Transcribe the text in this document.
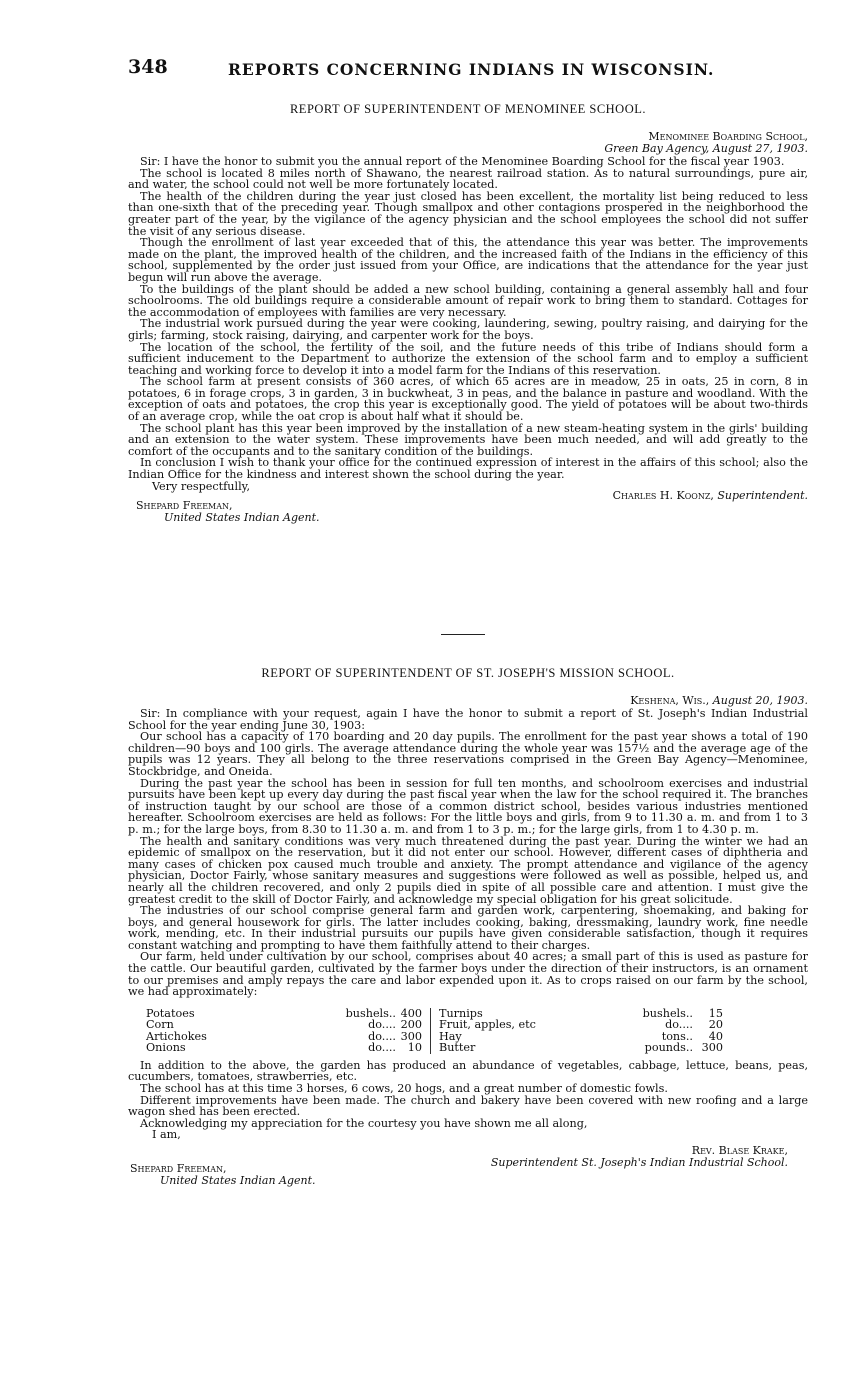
348	REPORTS CONCERNING INDIANS IN WISCONSIN.
REPORT OF SUPERINTENDENT OF MENOMINEE SCHOOL.
Menominee Boarding School,
Green Bay Agency, August 27, 1903.

Sir: I have the honor to submit you the annual report of the Menominee Boarding School for the fiscal year 1903.

The school is located 8 miles north of Shawano, the nearest railroad station. As to natural surroundings, pure air, and water, the school could not well be more fortunately located.

The health of the children during the year just closed has been excellent, the mortality list being reduced to less than one-sixth that of the preceding year. Though smallpox and other contagions prospered in the neighborhood the greater part of the year, by the vigilance of the agency physician and the school employees the school did not suffer the visit of any serious disease.

Though the enrollment of last year exceeded that of this, the attendance this year was better. The improvements made on the plant, the improved health of the children, and the increased faith of the Indians in the efficiency of this school, supplemented by the order just issued from your Office, are indications that the attendance for the year just begun will run above the average.

To the buildings of the plant should be added a new school building, containing a general assembly hall and four schoolrooms. The old buildings require a considerable amount of repair work to bring them to standard. Cottages for the accommodation of employees with families are very necessary.

The industrial work pursued during the year were cooking, laundering, sewing, poultry raising, and dairying for the girls; farming, stock raising, dairying, and carpenter work for the boys.

The location of the school, the fertility of the soil, and the future needs of this tribe of Indians should form a sufficient inducement to the Department to authorize the extension of the school farm and to employ a sufficient teaching and working force to develop it into a model farm for the Indians of this reservation.

The school farm at present consists of 360 acres, of which 65 acres are in meadow, 25 in oats, 25 in corn, 8 in potatoes, 6 in forage crops, 3 in garden, 3 in buckwheat, 3 in peas, and the balance in pasture and woodland. With the exception of oats and potatoes, the crop this year is exceptionally good. The yield of potatoes will be about two-thirds of an average crop, while the oat crop is about half what it should be.

The school plant has this year been improved by the installation of a new steam-heating system in the girls' building and an extension to the water system. These improvements have been much needed, and will add greatly to the comfort of the occupants and to the sanitary condition of the buildings.

In conclusion I wish to thank your office for the continued expression of interest in the affairs of this school; also the Indian Office for the kindness and interest shown the school during the year.

Very respectfully,

Charles H. Koonz, Superintendent.
Shepard Freeman,
United States Indian Agent.
REPORT OF SUPERINTENDENT OF ST. JOSEPH'S MISSION SCHOOL.
Keshena, Wis., August 20, 1903.

Sir: In compliance with your request, again I have the honor to submit a report of St. Joseph's Indian Industrial School for the year ending June 30, 1903:

Our school has a capacity of 170 boarding and 20 day pupils. The enrollment for the past year shows a total of 190 children—90 boys and 100 girls. The average attendance during the whole year was 157½ and the average age of the pupils was 12 years. They all belong to the three reservations comprised in the Green Bay Agency—Menominee, Stockbridge, and Oneida.

During the past year the school has been in session for full ten months, and schoolroom exercises and industrial pursuits have been kept up every day during the past fiscal year when the law for the school required it. The branches of instruction taught by our school are those of a common district school, besides various industries mentioned hereafter. Schoolroom exercises are held as follows: For the little boys and girls, from 9 to 11.30 a. m. and from 1 to 3 p. m.; for the large boys, from 8.30 to 11.30 a. m. and from 1 to 3 p. m.; for the large girls, from 1 to 4.30 p. m.

The health and sanitary conditions was very much threatened during the past year. During the winter we had an epidemic of smallpox on the reservation, but it did not enter our school. However, different cases of diphtheria and many cases of chicken pox caused much trouble and anxiety. The prompt attendance and vigilance of the agency physician, Doctor Fairly, whose sanitary measures and suggestions were followed as well as possible, helped us, and nearly all the children recovered, and only 2 pupils died in spite of all possible care and attention. I must give the greatest credit to the skill of Doctor Fairly, and acknowledge my special obligation for his great solicitude.

The industries of our school comprise general farm and garden work, carpentering, shoemaking, and baking for boys, and general housework for girls. The latter includes cooking, baking, dressmaking, laundry work, fine needle work, mending, etc. In their industrial pursuits our pupils have given considerable satisfaction, though it requires constant watching and prompting to have them faithfully attend to their charges.

Our farm, held under cultivation by our school, comprises about 40 acres; a small part of this is used as pasture for the cattle. Our beautiful garden, cultivated by the farmer boys under the direction of their instructors, is an ornament to our premises and amply repays the care and labor expended upon it. As to crops raised on our farm by the school, we had approximately:

Potatoes	bushels..	400	Turnips	bushels..	15
Corn	do....	200	Fruit, apples, etc	do....	20
Artichokes	do....	300	Hay	tons..	40
Onions	do....	10	Butter	pounds..	300

In addition to the above, the garden has produced an abundance of vegetables, cabbage, lettuce, beans, peas, cucumbers, tomatoes, strawberries, etc.

The school has at this time 3 horses, 6 cows, 20 hogs, and a great number of domestic fowls.

Different improvements have been made. The church and bakery have been covered with new roofing and a large wagon shed has been erected.

Acknowledging my appreciation for the courtesy you have shown me all along,

I am,

Rev. Blase Krake,
Superintendent St. Joseph's Indian Industrial School.
Shepard Freeman,
United States Indian Agent.
